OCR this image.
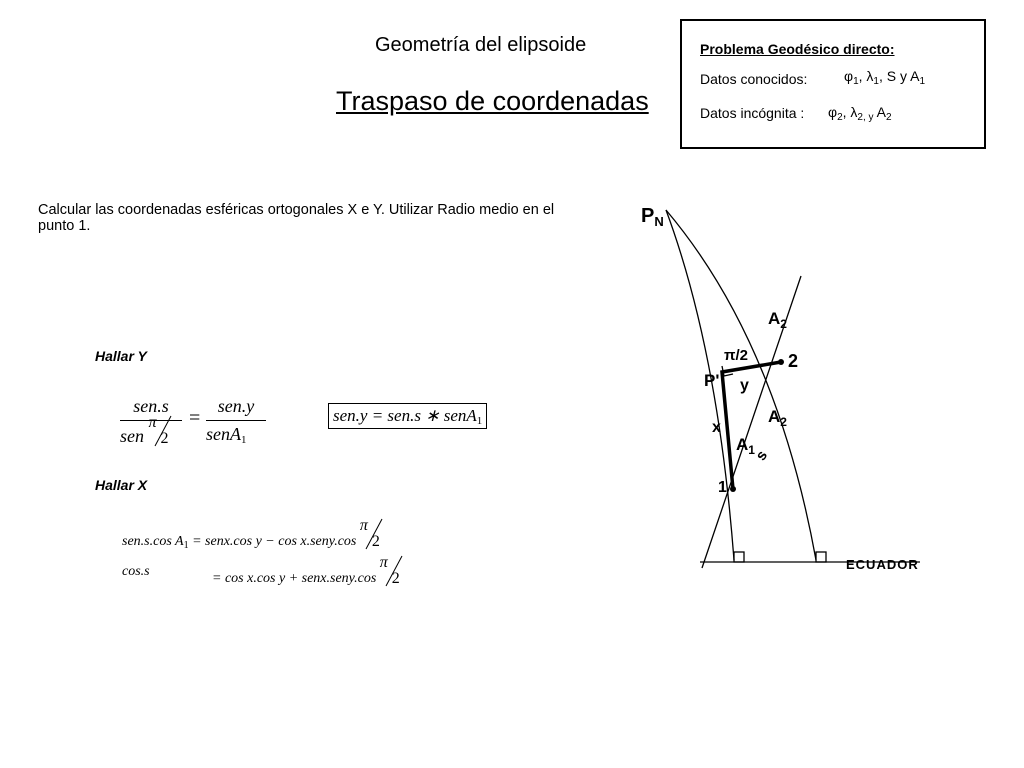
Geometría del elipsoide
Traspaso de coordenadas
Problema Geodésico directo:
Datos conocidos:	$\varphi_1$, $\lambda_1$, S y $A_1$
Datos incógnita : $\varphi_2$, $\lambda_{2, y}$ $A_2$
Calcular las coordenadas esféricas ortogonales X e Y. Utilizar Radio medio en el punto 1.
Hallar Y
sen.s
sen
π
2
=
sen.y
senA1
sen.y = sen.s ∗ senA1
Hallar X
sen.s.cos $A_1$ = senx.cos y − cos x.seny.cos
π
2
cos.s	= cos x.cos y + senx.seny.cos
π
2
$P_N$
$A_2$
π/2 2
P' y
$A_2$
x
$A_1$
s
1
ECUADOR
